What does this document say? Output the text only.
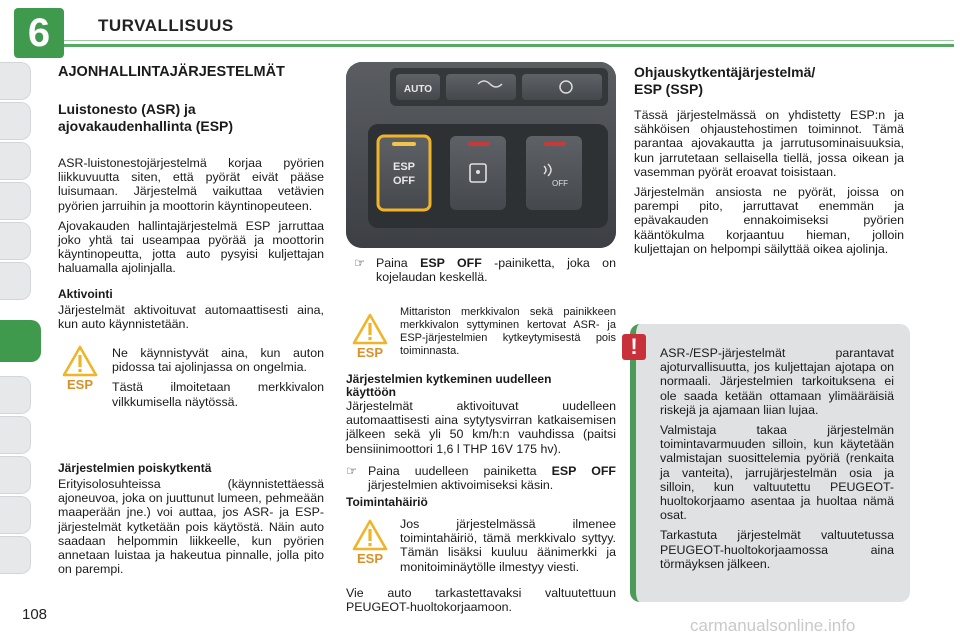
6	TURVALLISUUS
108
AJONHALLINTAJÄRJESTELMÄT
Luistonesto (ASR) ja
ajovakaudenhallinta (ESP)

ASR-luistonestojärjestelmä korjaa pyörien liikkuvuutta siten, että pyörät eivät pääse luisumaan. Järjestelmä vaikuttaa vetävien pyörien jarruihin ja moottorin käyntinopeuteen.

Ajovakauden hallintajärjestelmä ESP jarruttaa joko yhtä tai useampaa pyörää ja moottorin käyntinopeutta, jotta auto pysyisi kuljettajan haluamalla ajolinjalla.

Aktivointi
Järjestelmät aktivoituvat automaattisesti aina, kun auto käynnistetään.
ESP

Ne käynnistyvät aina, kun auton pidossa tai ajolinjassa on ongelmia.

Tästä ilmoitetaan merkkivalon vilkkumisella näytössä.

Järjestelmien poiskytkentä
Erityisolosuhteissa (käynnistettäessä ajoneuvoa, joka on juuttunut lumeen, pehmeään maaperään jne.) voi auttaa, jos ASR- ja ESP-järjestelmät kytketään pois käytöstä. Näin auto saadaan helpommin liikkeelle, kun pyörien annetaan luistaa ja hakeutua pinnalle, jolla pito on parempi.
AUTO
ESP
OFF	OFF
☞ Paina ESP OFF -painiketta, joka on kojelaudan keskellä.
ESP
Mittariston merkkivalon sekä painikkeen merkkivalon syttyminen kertovat ASR- ja ESP-järjestelmien kytkeytymisestä pois toiminnasta.
Järjestelmien kytkeminen uudelleen
käyttöön
Järjestelmät aktivoituvat uudelleen automaattisesti aina sytytysvirran katkaisemisen jälkeen sekä yli 50 km/h:n vauhdissa (paitsi bensiinimoottori 1,6 l THP 16V 175 hv).
☞ Paina uudelleen painiketta ESP OFF järjestelmien aktivoimiseksi käsin.
Toimintahäiriö
ESP
Jos järjestelmässä ilmenee toimintahäiriö, tämä merkkivalo syttyy. Tämän lisäksi kuuluu äänimerkki ja monitoiminäytölle ilmestyy viesti.
Vie auto tarkastettavaksi valtuutettuun PEUGEOT-huoltokorjaamoon.
Ohjauskytkentäjärjestelmä/
ESP (SSP)

Tässä järjestelmässä on yhdistetty ESP:n ja sähköisen ohjaustehostimen toiminnot. Tämä parantaa ajovakautta ja jarrutusominaisuuksia, kun jarrutetaan sellaisella tiellä, jossa oikean ja vasemman pyörät eroavat toisistaan.

Järjestelmän ansiosta ne pyörät, joissa on parempi pito, jarruttavat enemmän ja epävakauden ennakoimiseksi pyörien kääntökulma korjaantuu hieman, jolloin kuljettajan on helpompi säilyttää oikea ajolinja.

!	ASR-/ESP-järjestelmät parantavat ajoturvallisuutta, jos kuljettajan ajotapa on normaali. Järjestelmien tarkoituksena ei ole saada ketään ottamaan ylimääräisiä riskejä ja ajamaan liian lujaa.

Valmistaja takaa järjestelmän toimintavarmuuden silloin, kun käytetään valmistajan suosittelemia pyöriä (renkaita ja vanteita), jarrujärjestelmän osia ja silloin, kun valtuutettu PEUGEOT-huoltokorjaamo asentaa ja huoltaa nämä osat.

Tarkastuta järjestelmät valtuutetussa PEUGEOT-huoltokorjaamossa aina törmäyksen jälkeen.

carmanualsonline.info
